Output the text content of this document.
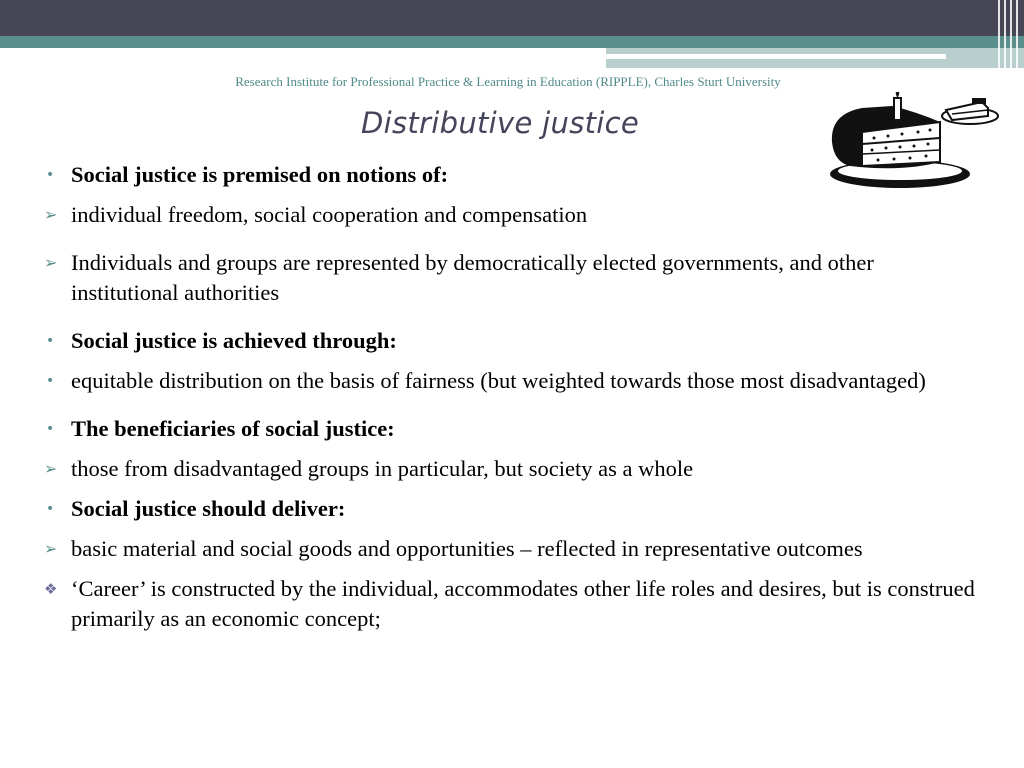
Research Institute for Professional Practice & Learning in Education (RIPPLE), Charles Sturt University
Distributive justice
• Social justice is premised on notions of:
➢ individual freedom, social cooperation and compensation
➢ Individuals and groups are represented by democratically elected governments, and other institutional authorities
• Social justice is achieved through:
• equitable distribution on the basis of fairness (but weighted towards those most disadvantaged)
• The beneficiaries of social justice:
➢ those from disadvantaged groups in particular, but society as a whole
• Social justice should deliver:
➢ basic material and social goods and opportunities – reflected in representative outcomes
❖ ‘Career’ is constructed by the individual, accommodates other life roles and desires, but is construed primarily as an economic concept;
